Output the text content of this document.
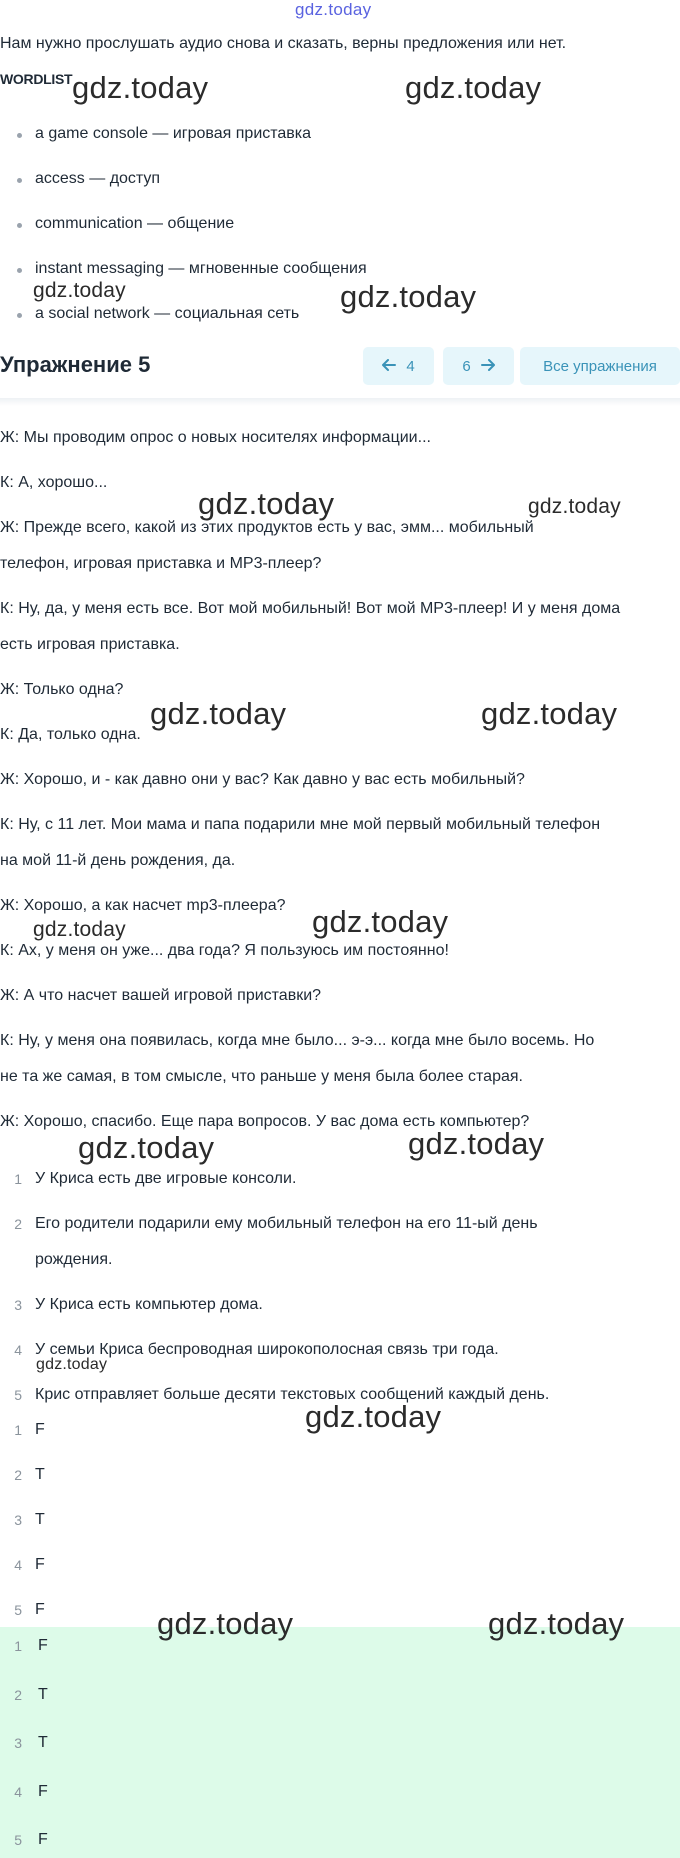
gdz.today
Нам нужно прослушать аудио снова и сказать, верны предложения или нет.
WORDLIST
a game console — игровая приставка
access — доступ
communication — общение
instant messaging — мгновенные сообщения
a social network — социальная сеть
Упражнение 5	4	6	Все упражнения
Ж: Мы проводим опрос о новых носителях информации...
К: А, хорошо...
Ж: Прежде всего, какой из этих продуктов есть у вас, эмм... мобильный
телефон, игровая приставка и МР3-плеер?
К: Ну, да, у меня есть все. Вот мой мобильный! Вот мой МР3-плеер! И у меня дома
есть игровая приставка.
Ж: Только одна?
К: Да, только одна.
Ж: Хорошо, и - как давно они у вас? Как давно у вас есть мобильный?
К: Ну, с 11 лет. Мои мама и папа подарили мне мой первый мобильный телефон
на мой 11-й день рождения, да.
Ж: Хорошо, а как насчет mp3-плеера?
К: Ах, у меня он уже... два года? Я пользуюсь им постоянно!
Ж: А что насчет вашей игровой приставки?
К: Ну, у меня она появилась, когда мне было... э-э... когда мне было восемь. Но
не та же самая, в том смысле, что раньше у меня была более старая.
Ж: Хорошо, спасибо. Еще пара вопросов. У вас дома есть компьютер?
1 У Криса есть две игровые консоли.
2 Его родители подарили ему мобильный телефон на его 11-ый день
рождения.
3 У Криса есть компьютер дома.
4 У семьи Криса беспроводная широкополосная связь три года.
5 Крис отправляет больше десяти текстовых сообщений каждый день.
1 F
2 T
3 T
4 F
5 F
1 F
2 T
3 T
4 F
5 F
gdz.today	gdz.today
gdz.today	gdz.today
gdz.today	gdz.today
gdz.today	gdz.today
gdz.today	gdz.today
gdz.today	gdz.today
gdz.today
gdz.today
gdz.today	gdz.today
